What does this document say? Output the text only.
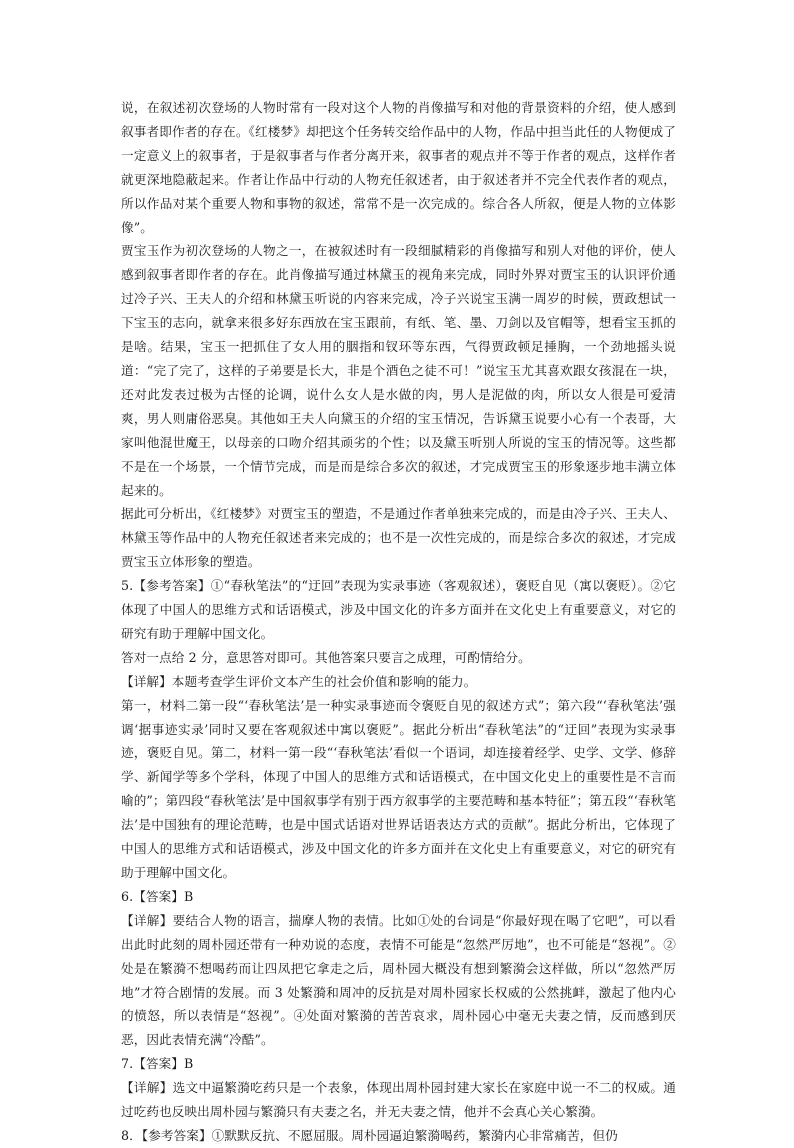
说，在叙述初次登场的人物时常有一段对这个人物的肖像描写和对他的背景资料的介绍，使人感到叙事者即作者的存在。《红楼梦》却把这个任务转交给作品中的人物，作品中担当此任的人物便成了一定意义上的叙事者，于是叙事者与作者分离开来，叙事者的观点并不等于作者的观点，这样作者就更深地隐蔽起来。作者让作品中行动的人物充任叙述者，由于叙述者并不完全代表作者的观点，所以作品对某个重要人物和事物的叙述，常常不是一次完成的。综合各人所叙，便是人物的立体影像”。

贾宝玉作为初次登场的人物之一，在被叙述时有一段细腻精彩的肖像描写和别人对他的评价，使人感到叙事者即作者的存在。此肖像描写通过林黛玉的视角来完成，同时外界对贾宝玉的认识评价通过冷子兴、王夫人的介绍和林黛玉听说的内容来完成，冷子兴说宝玉满一周岁的时候，贾政想试一下宝玉的志向，就拿来很多好东西放在宝玉跟前，有纸、笔、墨、刀剑以及官帽等，想看宝玉抓的是啥。结果，宝玉一把抓住了女人用的胭指和钗环等东西，气得贾政顿足捶胸，一个劲地摇头说道：“完了完了，这样的子弟要是长大，非是个酒色之徒不可！”说宝玉尤其喜欢跟女孩混在一块，还对此发表过极为古怪的论调，说什么女人是水做的肉，男人是泥做的肉，所以女人很是可爱清爽，男人则庸俗恶臭。其他如王夫人向黛玉的介绍的宝玉情况，告诉黛玉说要小心有一个表哥，大家叫他混世魔王，以母亲的口吻介绍其顽劣的个性；以及黛玉听别人所说的宝玉的情况等。这些都不是在一个场景，一个情节完成，而是而是综合多次的叙述，才完成贾宝玉的形象逐步地丰满立体起来的。

据此可分析出，《红楼梦》对贾宝玉的塑造，不是通过作者单独来完成的，而是由冷子兴、王夫人、林黛玉等作品中的人物充任叙述者来完成的；也不是一次性完成的，而是综合多次的叙述，才完成贾宝玉立体形象的塑造。

5.【参考答案】①“春秋笔法”的“迂回”表现为实录事迹（客观叙述），褒贬自见（寓以褒贬）。②它体现了中国人的思维方式和话语模式，涉及中国文化的许多方面并在文化史上有重要意义，对它的研究有助于理解中国文化。

答对一点给 2 分，意思答对即可。其他答案只要言之成理，可酌情给分。

【详解】本题考查学生评价文本产生的社会价值和影响的能力。

第一，材料二第一段“‘春秋笔法’是一种实录事迹而令褒贬自见的叙述方式”；第六段“‘春秋笔法’强调‘据事迹实录’同时又要在客观叙述中寓以褒贬”。据此分析出“春秋笔法”的“迂回”表现为实录事迹，褒贬自见。第二，材料一第一段“‘春秋笔法’看似一个语词，却连接着经学、史学、文学、修辞学、新闻学等多个学科，体现了中国人的思维方式和话语模式，在中国文化史上的重要性是不言而喻的”；第四段“春秋笔法’是中国叙事学有别于西方叙事学的主要范畴和基本特征”；第五段“‘春秋笔法’是中国独有的理论范畴，也是中国式话语对世界话语表达方式的贡献”。据此分析出，它体现了中国人的思维方式和话语模式，涉及中国文化的许多方面并在文化史上有重要意义，对它的研究有助于理解中国文化。

6.【答案】B

【详解】要结合人物的语言，揣摩人物的表情。比如①处的台词是“你最好现在喝了它吧”，可以看出此时此刻的周朴园还带有一种劝说的态度，表情不可能是“忽然严厉地”，也不可能是“怒视”。②处是在繁漪不想喝药而让四凤把它拿走之后，周朴园大概没有想到繁漪会这样做，所以“忽然严厉地”才符合剧情的发展。而 3 处繁漪和周冲的反抗是对周朴园家长权威的公然挑衅，激起了他内心的愤怒，所以表情是“怒视”。④处面对繁漪的苦苦哀求，周朴园心中毫无夫妻之情，反而感到厌恶，因此表情充满“冷酷”。

7.【答案】B

【详解】选文中逼繁漪吃药只是一个表象，体现出周朴园封建大家长在家庭中说一不二的权威。通过吃药也反映出周朴园与繁漪只有夫妻之名，并无夫妻之情，他并不会真心关心繁漪。

8．【参考答案】①默默反抗、不愿屈服。周朴园逼迫繁漪喝药，繁漪内心非常痛苦，但仍
